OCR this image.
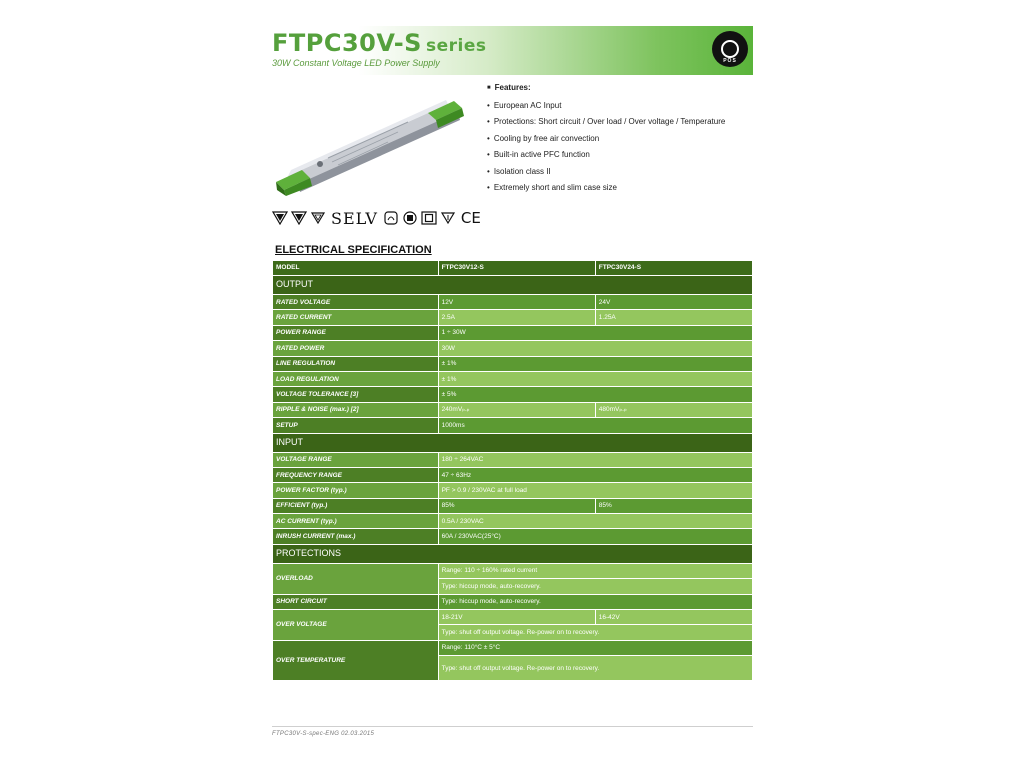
FTPC30V-S series
30W Constant Voltage LED Power Supply	POS
■ Features:
• European AC Input
• Protections: Short circuit / Over load / Over voltage / Temperature
• Cooling by free air convection
• Built-in active PFC function
• Isolation class II
• Extremely short and slim case size
SELV	CE
ELECTRICAL SPECIFICATION
MODEL	FTPC30V12-S	FTPC30V24-S
OUTPUT		
RATED VOLTAGE	12V	24V
RATED CURRENT	2.5A	1.25A
POWER RANGE	1 ÷ 30W	
RATED POWER	30W	
LINE REGULATION	± 1%	
LOAD REGULATION	± 1%	
VOLTAGE TOLERANCE [3]	± 5%	
RIPPLE & NOISE (max.) [2]	240mVₚ.ₚ	480mVₚ.ₚ
SETUP	1000ms	
INPUT		
VOLTAGE RANGE	180 ÷ 264VAC	
FREQUENCY RANGE	47 ÷ 63Hz	
POWER FACTOR (typ.)	PF > 0.9 / 230VAC at full load	
EFFICIENT (typ.)	85%	85%
AC CURRENT (typ.)	0.5A / 230VAC	
INRUSH CURRENT (max.)	60A / 230VAC(25°C)	
PROTECTIONS		
OVERLOAD	Range: 110 ÷ 160% rated current	
	Type: hiccup mode, auto-recovery.	
SHORT CIRCUIT	Type: hiccup mode, auto-recovery.	
OVER VOLTAGE	18-21V	16-42V
	Type: shut off output voltage. Re-power on to recovery.	
OVER TEMPERATURE	Range: 110°C ± 5°C	
	Type: shut off output voltage. Re-power on to recovery.	
FTPC30V-S-spec-ENG 02.03.2015
